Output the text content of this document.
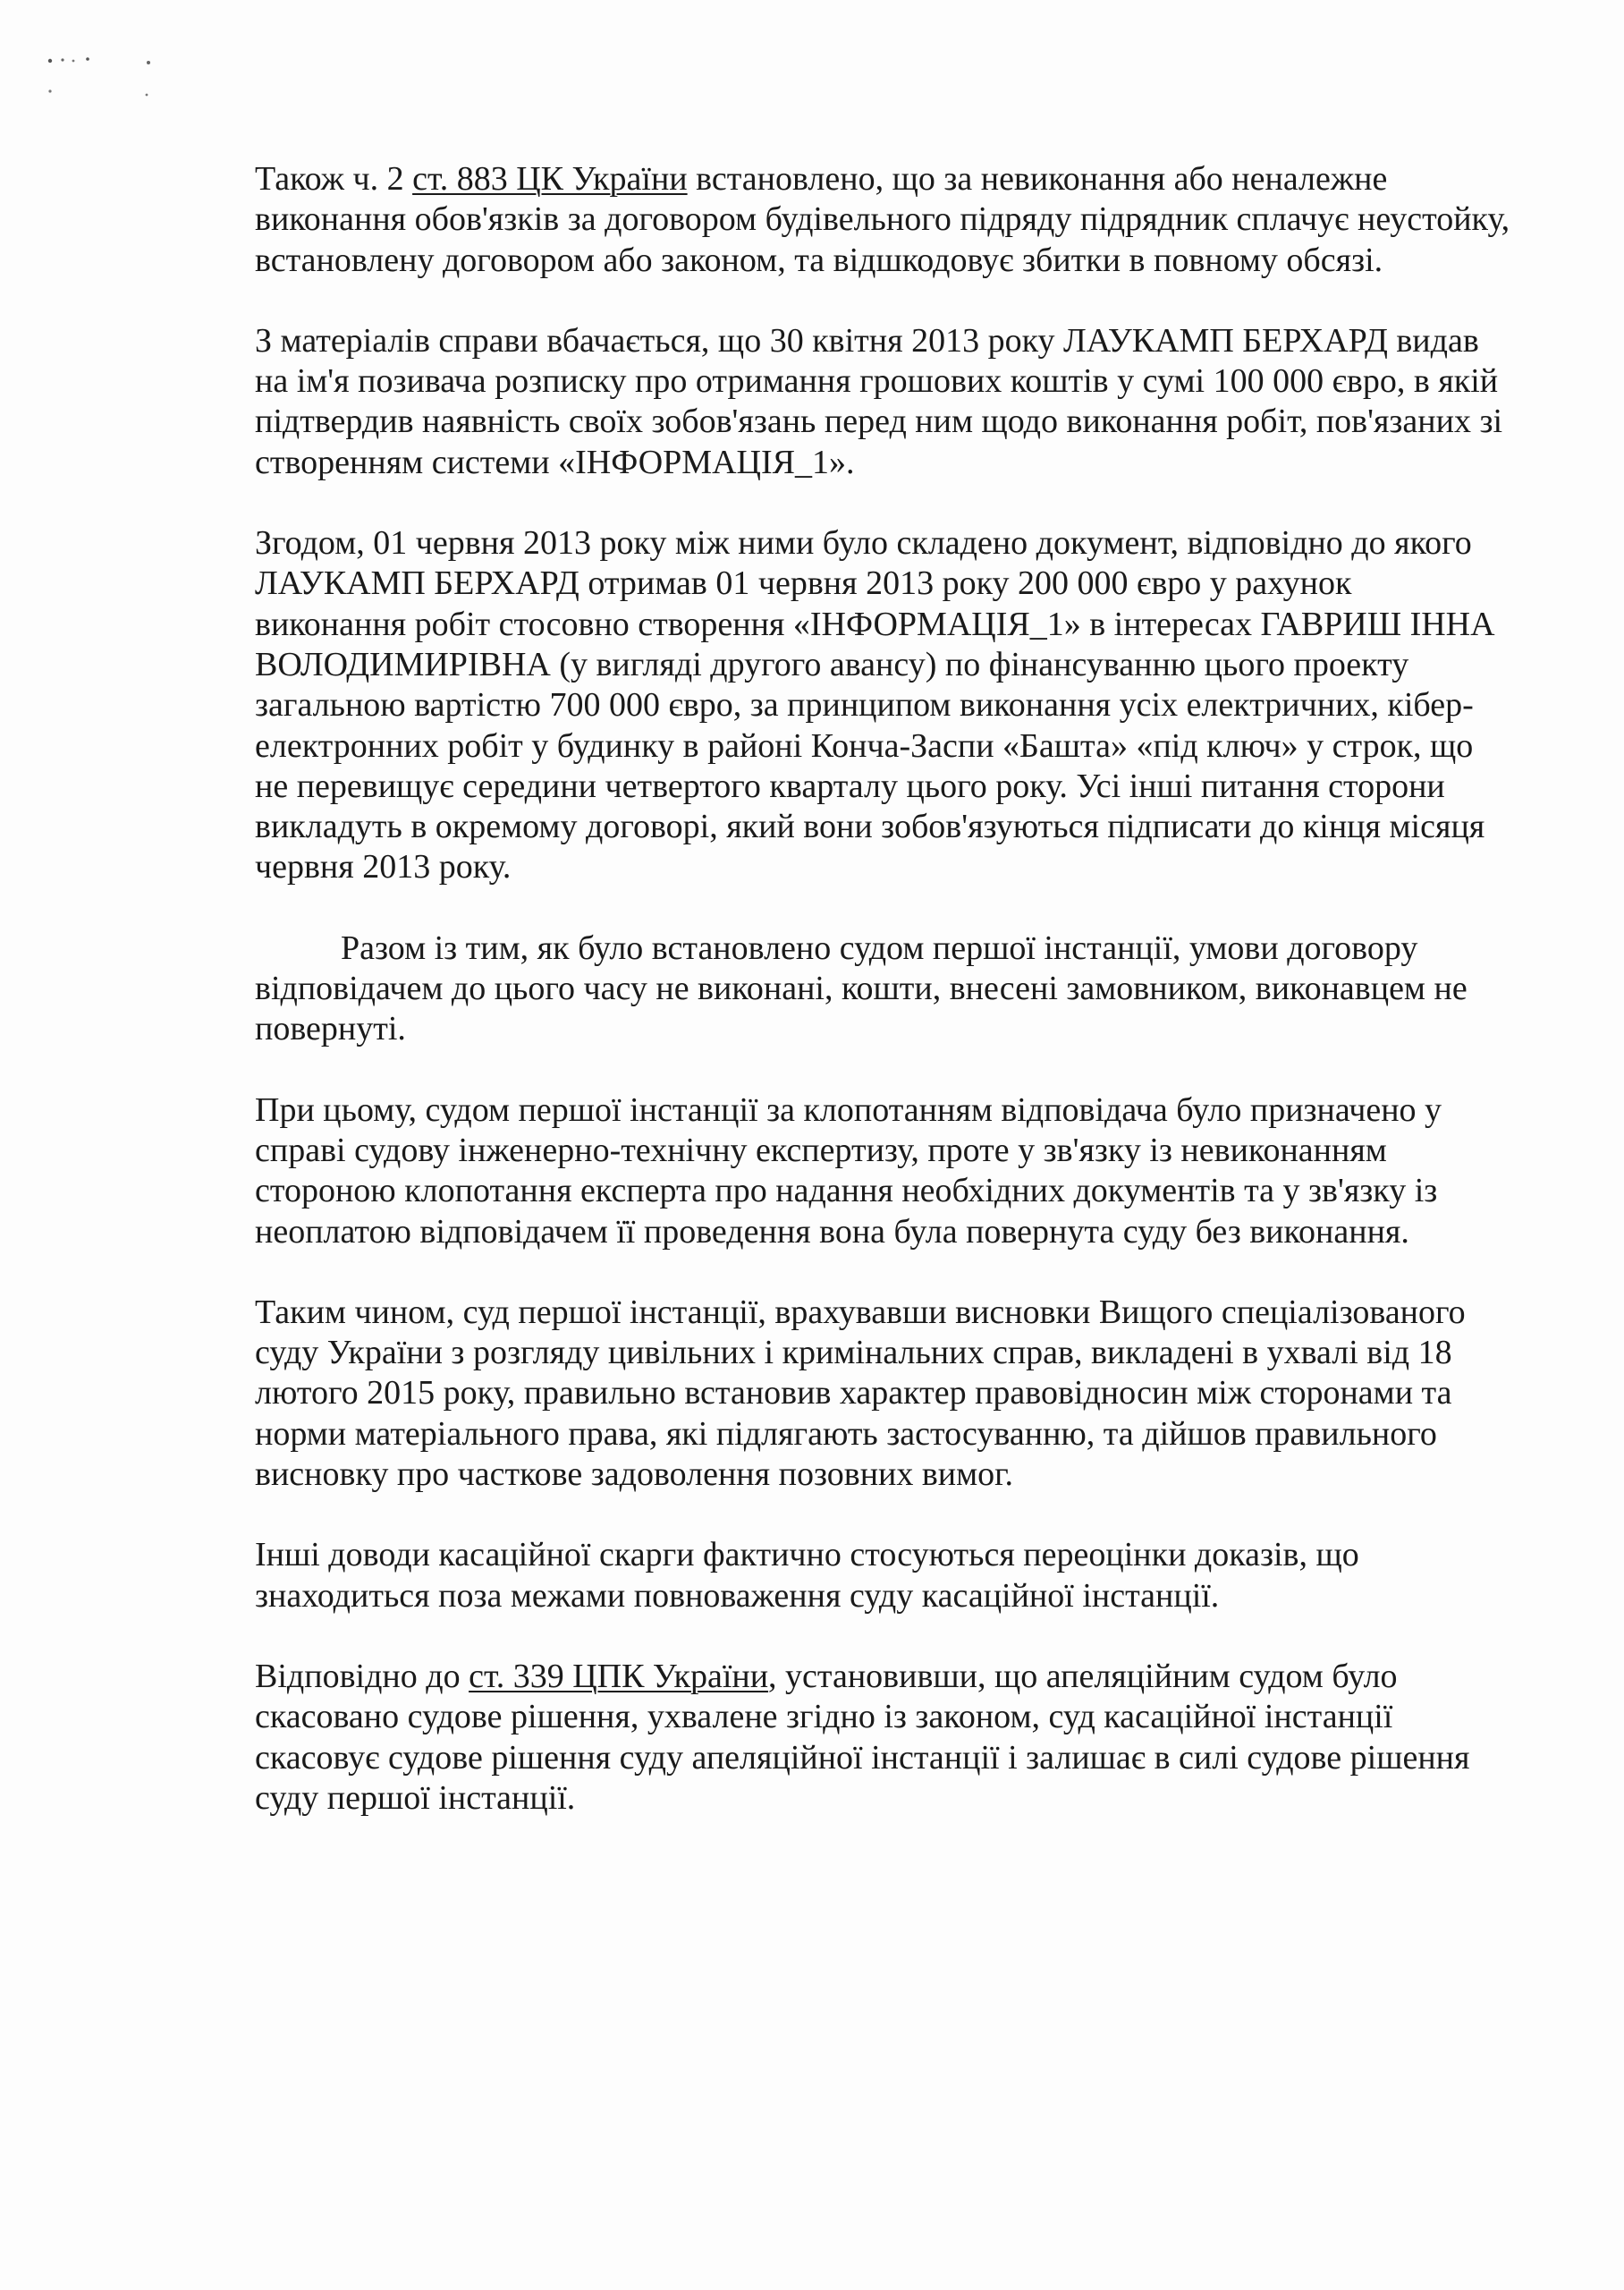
Також ч. 2 ст. 883 ЦК України встановлено, що за невиконання або неналежне виконання обов'язків за договором будівельного підряду підрядник сплачує неустойку, встановлену договором або законом, та відшкодовує збитки в повному обсязі.

З матеріалів справи вбачається, що 30 квітня 2013 року ЛАУКАМП БЕРХАРД видав на ім'я позивача розписку про отримання грошових коштів у сумі 100 000 євро, в якій підтвердив наявність своїх зобов'язань перед ним щодо виконання робіт, пов'язаних зі створенням системи «ІНФОРМАЦІЯ_1».

Згодом, 01 червня 2013 року між ними було складено документ, відповідно до якого ЛАУКАМП БЕРХАРД отримав 01 червня 2013 року 200 000 євро у рахунок виконання робіт стосовно створення «ІНФОРМАЦІЯ_1» в інтересах ГАВРИШ ІННА ВОЛОДИМИРІВНА (у вигляді другого авансу) по фінансуванню цього проекту загальною вартістю 700 000 євро, за принципом виконання усіх електричних, кібер-електронних робіт у будинку в районі Конча-Заспи «Башта» «під ключ» у строк, що не перевищує середини четвертого кварталу цього року. Усі інші питання сторони викладуть в окремому договорі, який вони зобов'язуються підписати до кінця місяця червня 2013 року.

Разом із тим, як було встановлено судом першої інстанції, умови договору відповідачем до цього часу не виконані, кошти, внесені замовником, виконавцем не повернуті.

При цьому, судом першої інстанції за клопотанням відповідача було призначено у справі судову інженерно-технічну експертизу, проте у зв'язку із невиконанням стороною клопотання експерта про надання необхідних документів та у зв'язку із неоплатою відповідачем її проведення вона була повернута суду без виконання.

Таким чином, суд першої інстанції, врахувавши висновки Вищого спеціалізованого суду України з розгляду цивільних і кримінальних справ, викладені в ухвалі від 18 лютого 2015 року, правильно встановив характер правовідносин між сторонами та норми матеріального права, які підлягають застосуванню, та дійшов правильного висновку про часткове задоволення позовних вимог.

Інші доводи касаційної скарги фактично стосуються переоцінки доказів, що знаходиться поза межами повноваження суду касаційної інстанції.

Відповідно до ст. 339 ЦПК України, установивши, що апеляційним судом було скасовано судове рішення, ухвалене згідно із законом, суд касаційної інстанції скасовує судове рішення суду апеляційної інстанції і залишає в силі судове рішення суду першої інстанції.
